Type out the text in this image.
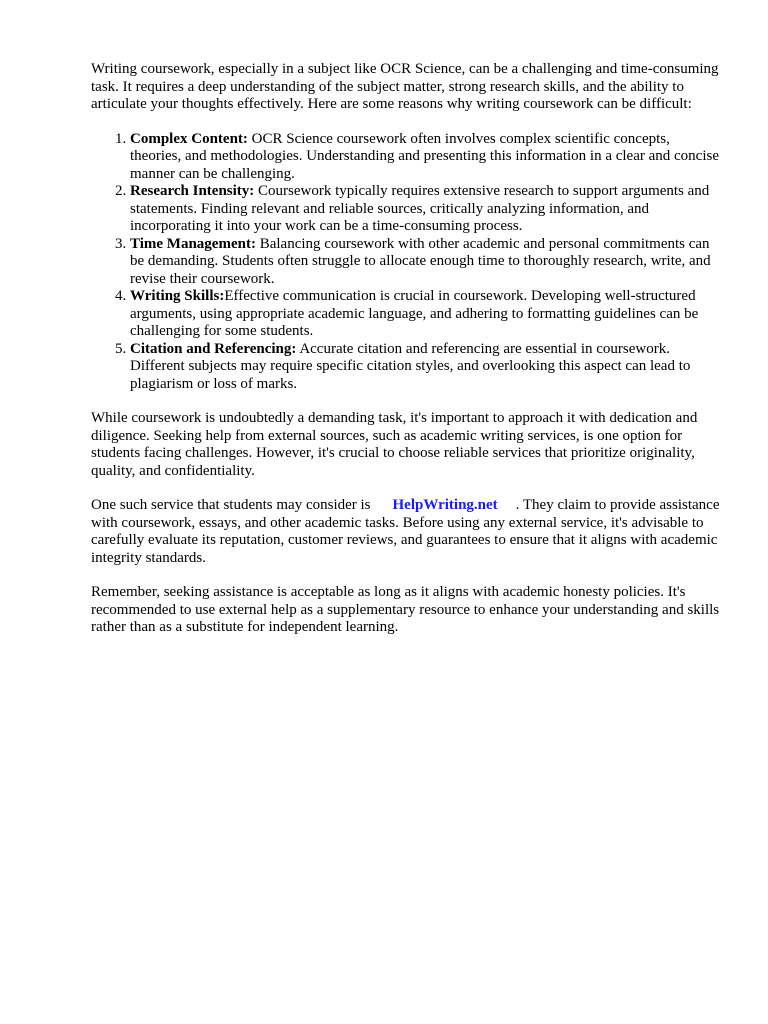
Writing coursework, especially in a subject like OCR Science, can be a challenging and time-consuming task. It requires a deep understanding of the subject matter, strong research skills, and the ability to articulate your thoughts effectively. Here are some reasons why writing coursework can be difficult:

1. Complex Content: OCR Science coursework often involves complex scientific concepts, theories, and methodologies. Understanding and presenting this information in a clear and concise manner can be challenging.
2. Research Intensity: Coursework typically requires extensive research to support arguments and statements. Finding relevant and reliable sources, critically analyzing information, and incorporating it into your work can be a time-consuming process.
3. Time Management: Balancing coursework with other academic and personal commitments can be demanding. Students often struggle to allocate enough time to thoroughly research, write, and revise their coursework.
4. Writing Skills:Effective communication is crucial in coursework. Developing well-structured arguments, using appropriate academic language, and adhering to formatting guidelines can be challenging for some students.
5. Citation and Referencing: Accurate citation and referencing are essential in coursework. Different subjects may require specific citation styles, and overlooking this aspect can lead to plagiarism or loss of marks.

While coursework is undoubtedly a demanding task, it's important to approach it with dedication and diligence. Seeking help from external sources, such as academic writing services, is one option for students facing challenges. However, it's crucial to choose reliable services that prioritize originality, quality, and confidentiality.

One such service that students may consider is HelpWriting.net . They claim to provide assistance with coursework, essays, and other academic tasks. Before using any external service, it's advisable to carefully evaluate its reputation, customer reviews, and guarantees to ensure that it aligns with academic integrity standards.

Remember, seeking assistance is acceptable as long as it aligns with academic honesty policies. It's recommended to use external help as a supplementary resource to enhance your understanding and skills rather than as a substitute for independent learning.
